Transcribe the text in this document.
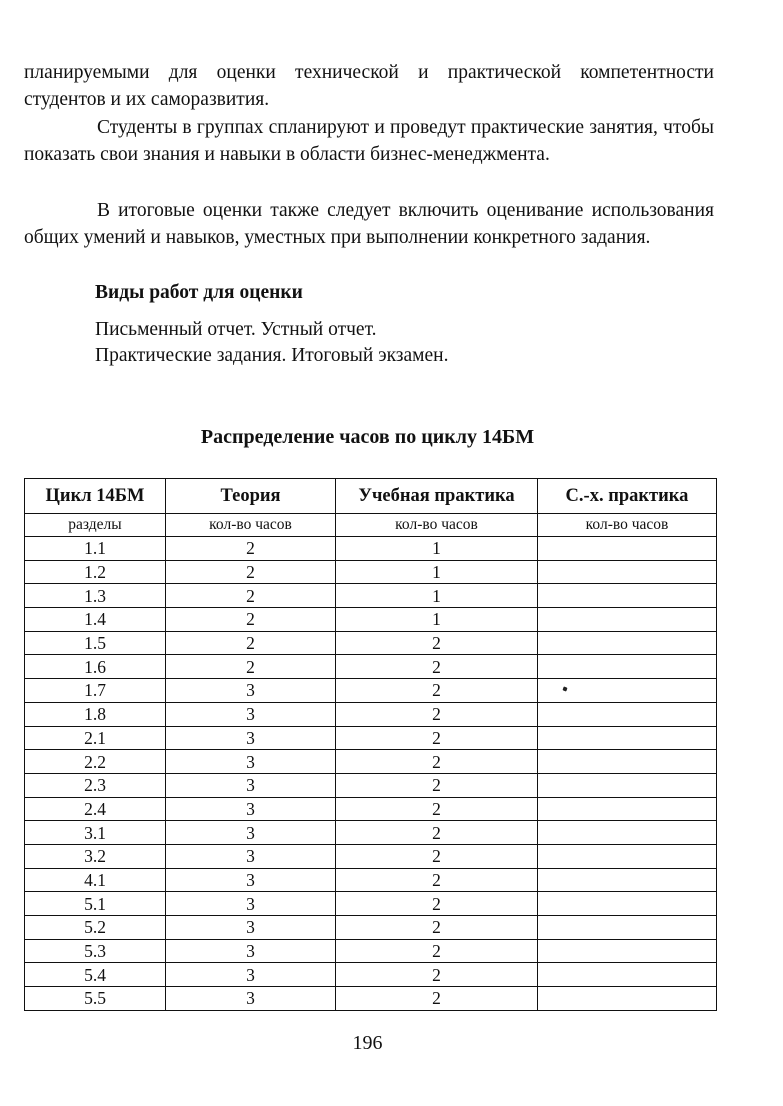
планируемыми для оценки технической и практической компетентности студентов и их саморазвития.

Студенты в группах спланируют и проведут практические занятия, чтобы показать свои знания и навыки в области бизнес-менеджмента.

В итоговые оценки также следует включить оценивание использования общих умений и навыков, уместных при выполнении конкретного задания.

Виды работ для оценки
Письменный отчет. Устный отчет.
Практические задания. Итоговый экзамен.
Распределение часов по циклу 14БМ
Цикл 14БМ	Теория	Учебная практика	С.-х. практика
разделы	кол-во часов	кол-во часов	кол-во часов
1.1	2	1	
1.2	2	1	
1.3	2	1	
1.4	2	1	
1.5	2	2	
1.6	2	2	
1.7	3	2	
1.8	3	2	
2.1	3	2	
2.2	3	2	
2.3	3	2	
2.4	3	2	
3.1	3	2	
3.2	3	2	
4.1	3	2	
5.1	3	2	
5.2	3	2	
5.3	3	2	
5.4	3	2	
5.5	3	2	
196
